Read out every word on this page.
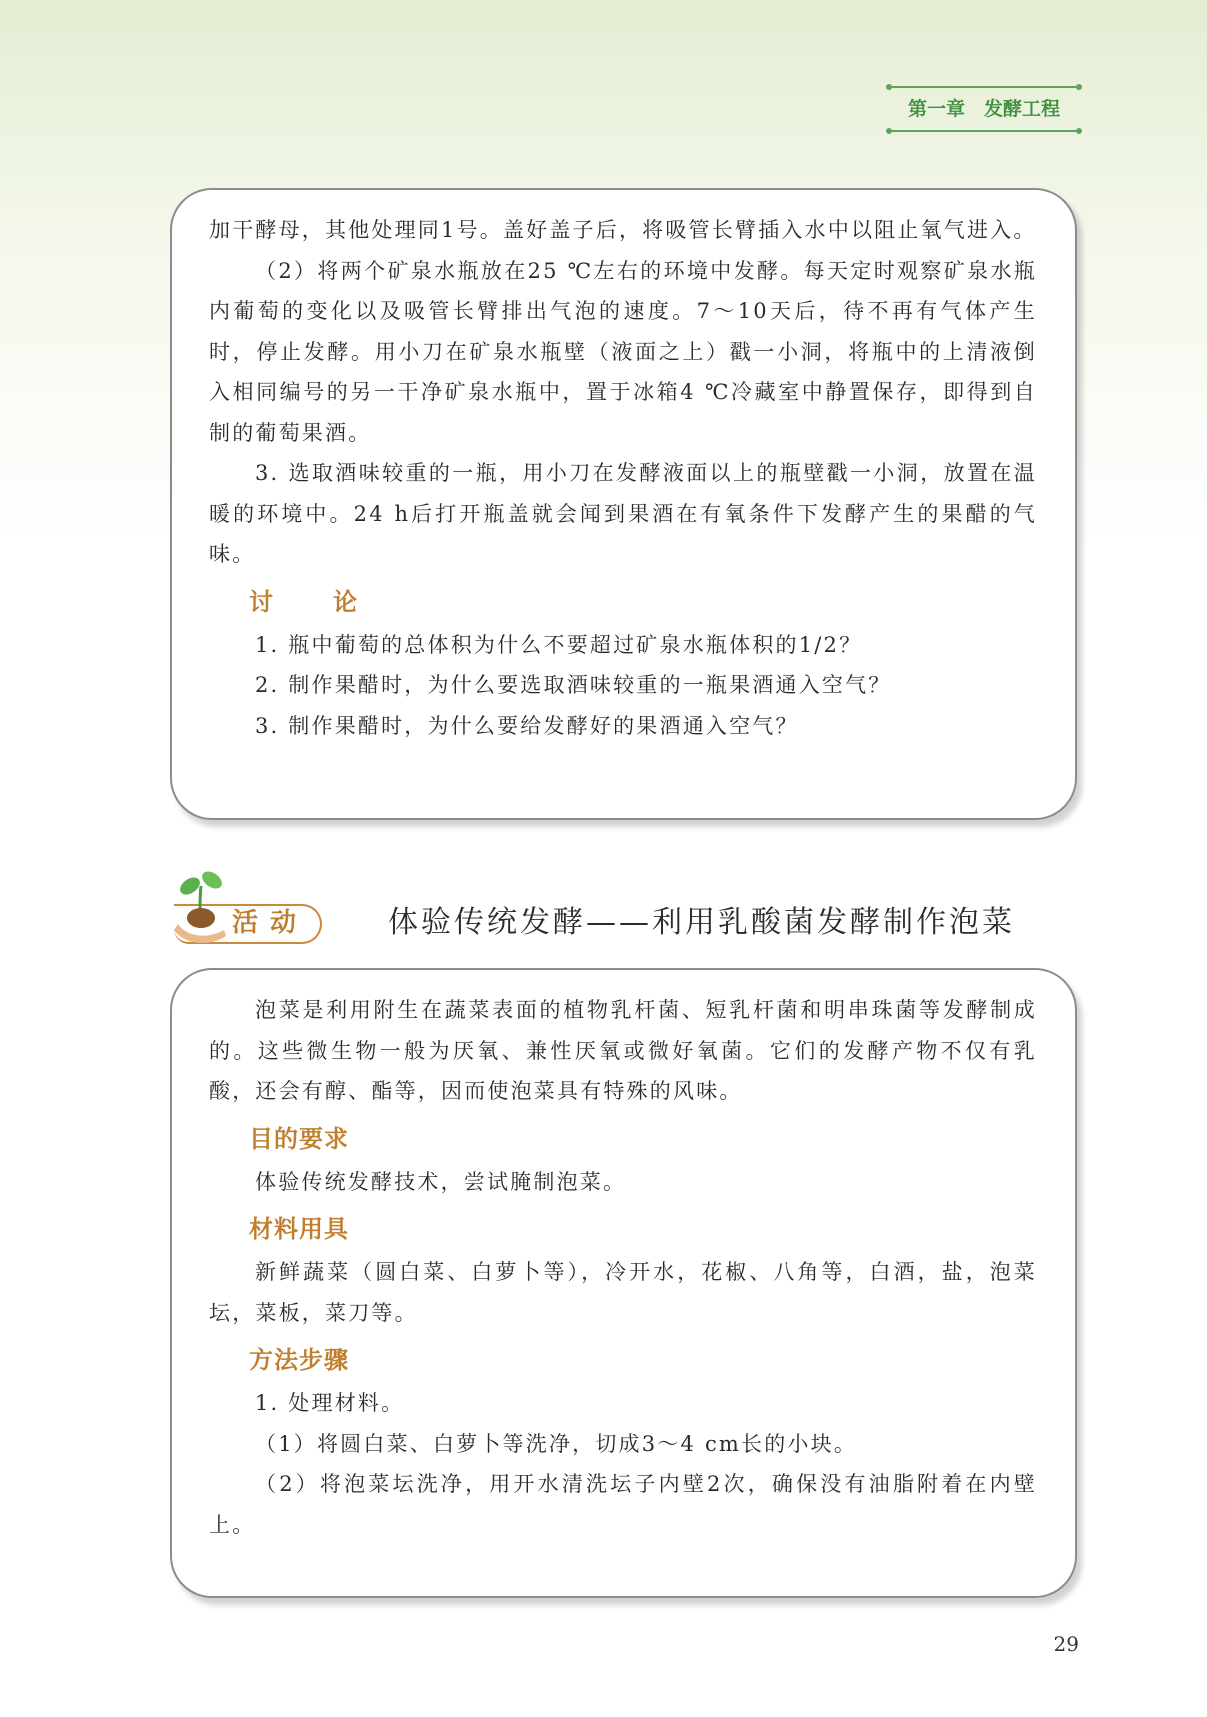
第一章　发酵工程

加干酵母，其他处理同1号。盖好盖子后，将吸管长臂插入水中以阻止氧气进入。

（2）将两个矿泉水瓶放在25 ℃左右的环境中发酵。每天定时观察矿泉水瓶内葡萄的变化以及吸管长臂排出气泡的速度。7～10天后，待不再有气体产生时，停止发酵。用小刀在矿泉水瓶壁（液面之上）戳一小洞，将瓶中的上清液倒入相同编号的另一干净矿泉水瓶中，置于冰箱4 ℃冷藏室中静置保存，即得到自制的葡萄果酒。

3. 选取酒味较重的一瓶，用小刀在发酵液面以上的瓶壁戳一小洞，放置在温暖的环境中。24 h后打开瓶盖就会闻到果酒在有氧条件下发酵产生的果醋的气味。

讨　论

1. 瓶中葡萄的总体积为什么不要超过矿泉水瓶体积的1/2？

2. 制作果醋时，为什么要选取酒味较重的一瓶果酒通入空气？

3. 制作果醋时，为什么要给发酵好的果酒通入空气？

活动	体验传统发酵——利用乳酸菌发酵制作泡菜

泡菜是利用附生在蔬菜表面的植物乳杆菌、短乳杆菌和明串珠菌等发酵制成的。这些微生物一般为厌氧、兼性厌氧或微好氧菌。它们的发酵产物不仅有乳酸，还会有醇、酯等，因而使泡菜具有特殊的风味。

目的要求

体验传统发酵技术，尝试腌制泡菜。

材料用具

新鲜蔬菜（圆白菜、白萝卜等），冷开水，花椒、八角等，白酒，盐，泡菜坛，菜板，菜刀等。

方法步骤

1. 处理材料。

（1）将圆白菜、白萝卜等洗净，切成3～4 cm长的小块。

（2）将泡菜坛洗净，用开水清洗坛子内壁2次，确保没有油脂附着在内壁上。

29
